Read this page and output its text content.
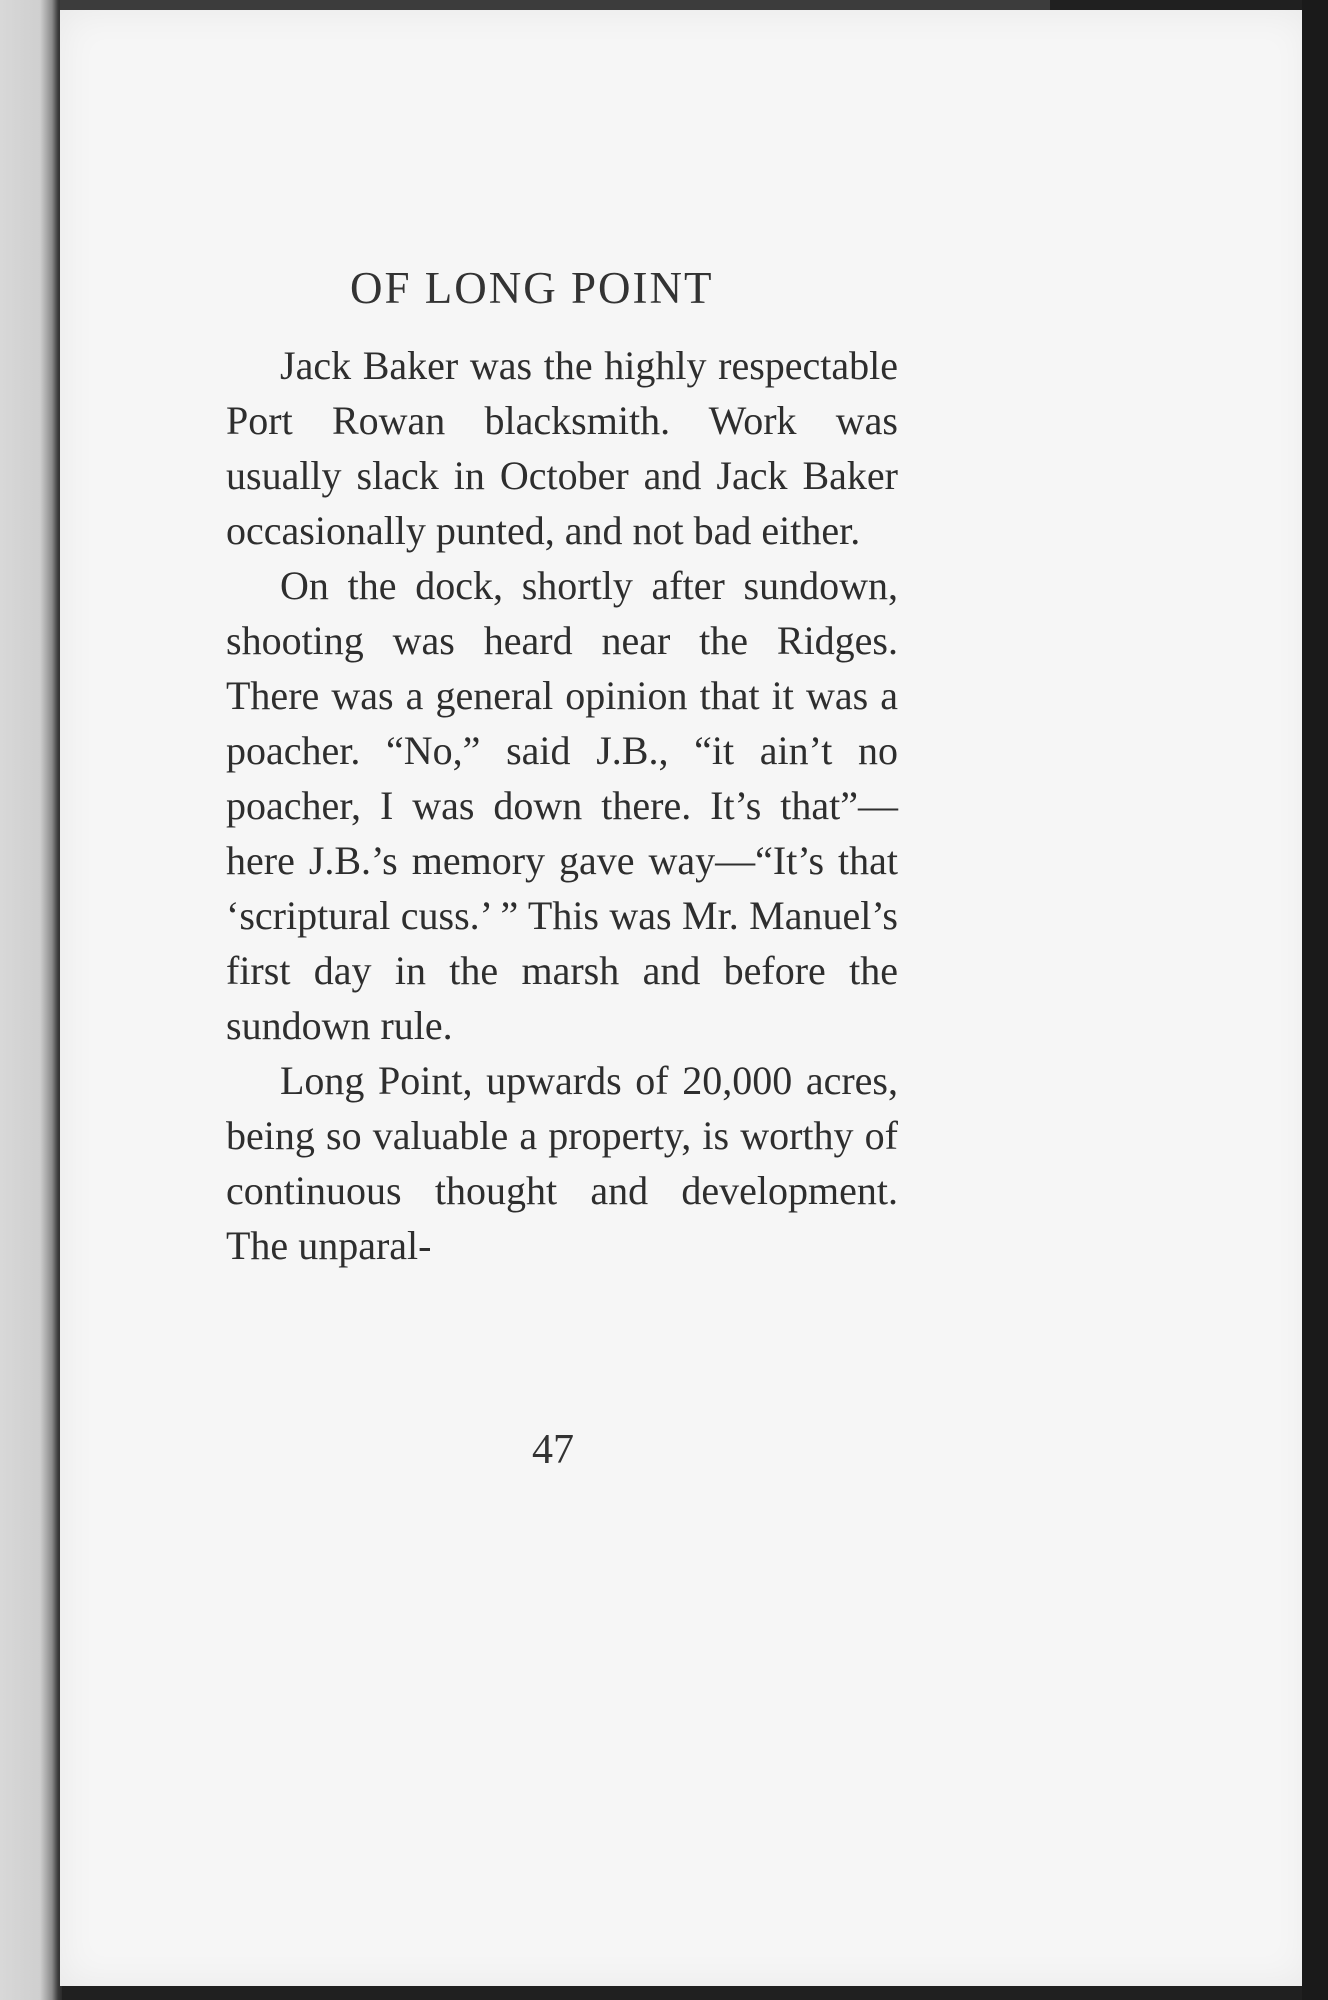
OF LONG POINT

Jack Baker was the highly respectable Port Rowan blacksmith. Work was usually slack in October and Jack Baker occasionally punted, and not bad either.

On the dock, shortly after sundown, shooting was heard near the Ridges. There was a general opinion that it was a poacher. “No,” said J.B., “it ain’t no poacher, I was down there. It’s that”—here J.B.’s memory gave way—“It’s that ‘scriptural cuss.’ ” This was Mr. Manuel’s first day in the marsh and before the sundown rule.

Long Point, upwards of 20,000 acres, being so valuable a property, is worthy of continuous thought and development. The unparal-

47
